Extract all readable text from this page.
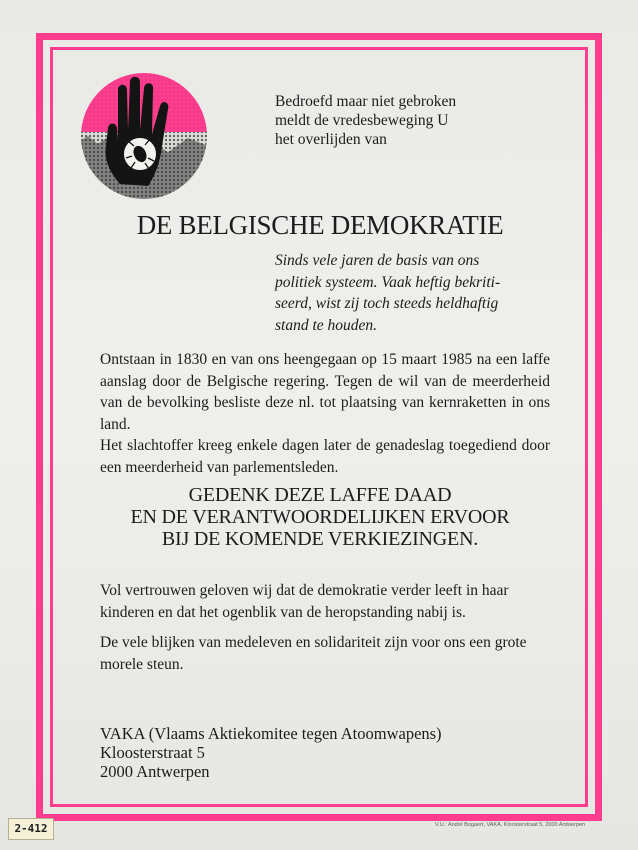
Bedroefd maar niet gebroken
meldt de vredesbeweging U
het overlijden van
DE BELGISCHE DEMOKRATIE
Sinds vele jaren de basis van ons
politiek systeem. Vaak heftig bekriti-
seerd, wist zij toch steeds heldhaftig
stand te houden.

Ontstaan in 1830 en van ons heengegaan op 15 maart 1985 na een laffe aanslag door de Belgische regering. Tegen de wil van de meerderheid van de bevolking besliste deze nl. tot plaatsing van kernraketten in ons land.

Het slachtoffer kreeg enkele dagen later de genadeslag toegediend door een meerderheid van parlementsleden.

GEDENK DEZE LAFFE DAAD
EN DE VERANTWOORDELIJKEN ERVOOR
BIJ DE KOMENDE VERKIEZINGEN.

Vol vertrouwen geloven wij dat de demokratie verder leeft in haar kinderen en dat het ogenblik van de heropstanding nabij is.

De vele blijken van medeleven en solidariteit zijn voor ons een grote morele steun.

VAKA (Vlaams Aktiekomitee tegen Atoomwapens)
Kloosterstraat 5
2000 Antwerpen
V.U.: André Bogaert, VAKA, Kloosterstraat 5, 2000 Antwerpen
2-412
